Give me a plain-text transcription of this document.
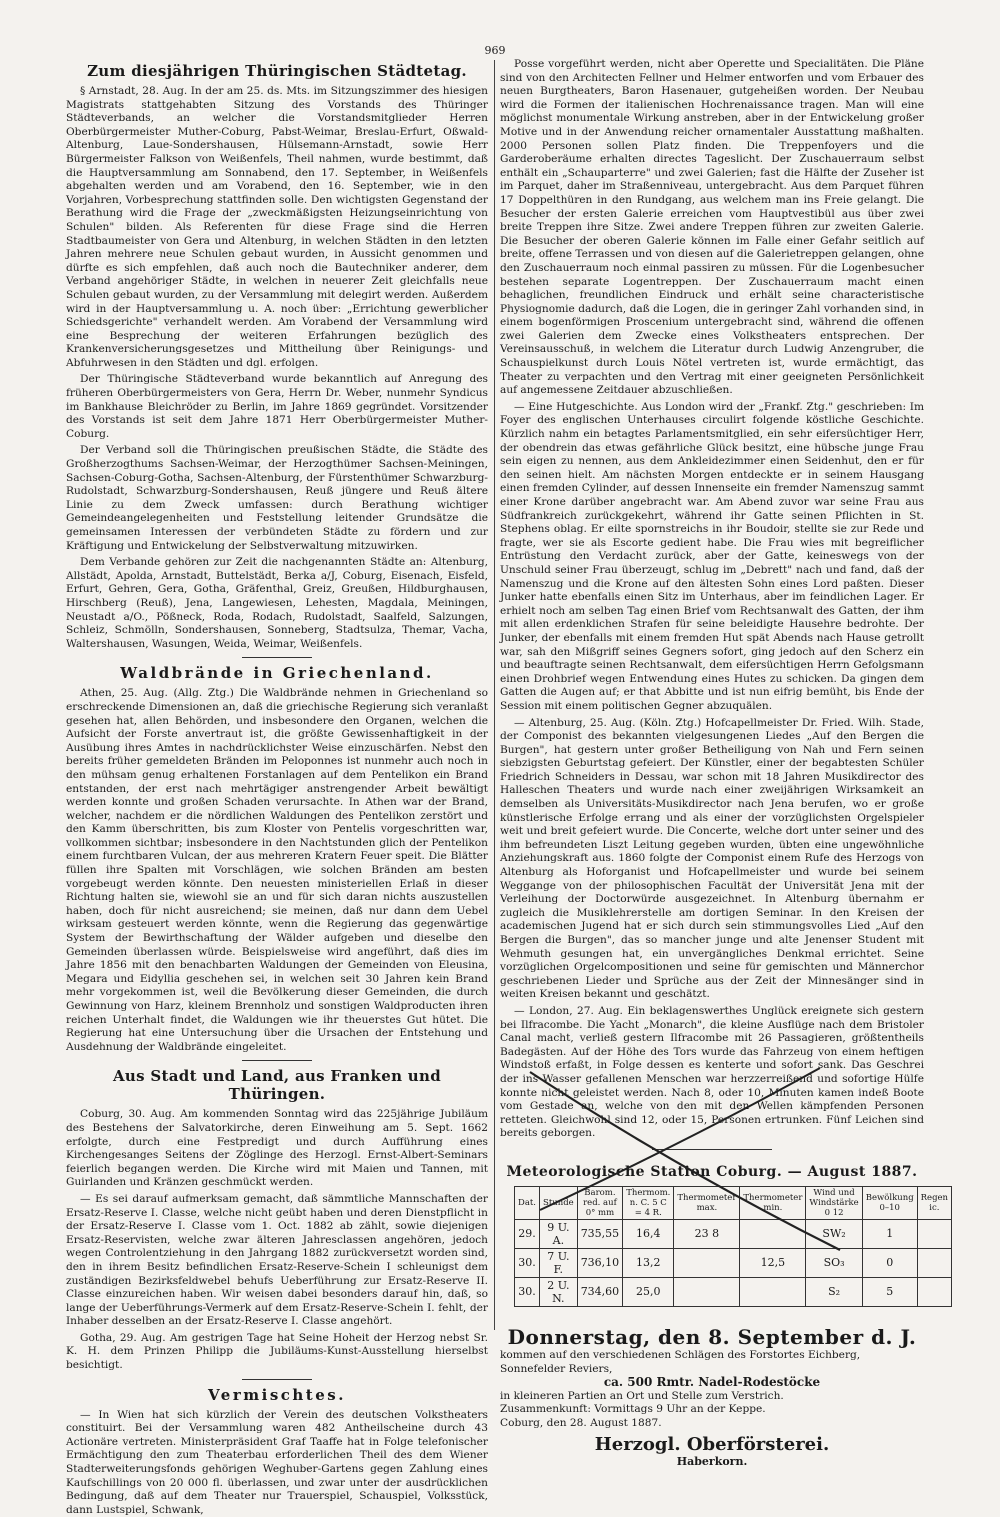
969
Zum diesjährigen Thüringischen Städtetag.

§ Arnstadt, 28. Aug. In der am 25. ds. Mts. im Sitzungszimmer des hiesigen Magistrats stattgehabten Sitzung des Vorstands des Thüringer Städteverbands, an welcher die Vorstandsmitglieder Herren Oberbürgermeister Muther-Coburg, Pabst-Weimar, Breslau-Erfurt, Oßwald-Altenburg, Laue-Sondershausen, Hülsemann-Arnstadt, sowie Herr Bürgermeister Falkson von Weißenfels, Theil nahmen, wurde bestimmt, daß die Hauptversammlung am Sonnabend, den 17. September, in Weißenfels abgehalten werden und am Vorabend, den 16. September, wie in den Vorjahren, Vorbesprechung stattfinden solle. Den wichtigsten Gegenstand der Berathung wird die Frage der „zweckmäßigsten Heizungseinrichtung von Schulen" bilden. Als Referenten für diese Frage sind die Herren Stadtbaumeister von Gera und Altenburg, in welchen Städten in den letzten Jahren mehrere neue Schulen gebaut wurden, in Aussicht genommen und dürfte es sich empfehlen, daß auch noch die Bautechniker anderer, dem Verband angehöriger Städte, in welchen in neuerer Zeit gleichfalls neue Schulen gebaut wurden, zu der Versammlung mit delegirt werden. Außerdem wird in der Hauptversammlung u. A. noch über: „Errichtung gewerblicher Schiedsgerichte" verhandelt werden. Am Vorabend der Versammlung wird eine Besprechung der weiteren Erfahrungen bezüglich des Krankenversicherungsgesetzes und Mittheilung über Reinigungs- und Abfuhrwesen in den Städten und dgl. erfolgen.

Der Thüringische Städteverband wurde bekanntlich auf Anregung des früheren Oberbürgermeisters von Gera, Herrn Dr. Weber, nunmehr Syndicus im Bankhause Bleichröder zu Berlin, im Jahre 1869 gegründet. Vorsitzender des Vorstands ist seit dem Jahre 1871 Herr Oberbürgermeister Muther-Coburg.

Der Verband soll die Thüringischen preußischen Städte, die Städte des Großherzogthums Sachsen-Weimar, der Herzogthümer Sachsen-Meiningen, Sachsen-Coburg-Gotha, Sachsen-Altenburg, der Fürstenthümer Schwarzburg-Rudolstadt, Schwarzburg-Sondershausen, Reuß jüngere und Reuß ältere Linie zu dem Zweck umfassen: durch Berathung wichtiger Gemeindeangelegenheiten und Feststellung leitender Grundsätze die gemeinsamen Interessen der verbündeten Städte zu fördern und zur Kräftigung und Entwickelung der Selbstverwaltung mitzuwirken.

Dem Verbande gehören zur Zeit die nachgenannten Städte an: Altenburg, Allstädt, Apolda, Arnstadt, Buttelstädt, Berka a/J, Coburg, Eisenach, Eisfeld, Erfurt, Gehren, Gera, Gotha, Gräfenthal, Greiz, Greußen, Hildburghausen, Hirschberg (Reuß), Jena, Langewiesen, Lehesten, Magdala, Meiningen, Neustadt a/O., Pößneck, Roda, Rodach, Rudolstadt, Saalfeld, Salzungen, Schleiz, Schmölln, Sondershausen, Sonneberg, Stadtsulza, Themar, Vacha, Waltershausen, Wasungen, Weida, Weimar, Weißenfels.

Waldbrände in Griechenland.

Athen, 25. Aug. (Allg. Ztg.) Die Waldbrände nehmen in Griechenland so erschreckende Dimensionen an, daß die griechische Regierung sich veranlaßt gesehen hat, allen Behörden, und insbesondere den Organen, welchen die Aufsicht der Forste anvertraut ist, die größte Gewissenhaftigkeit in der Ausübung ihres Amtes in nachdrücklichster Weise einzuschärfen. Nebst den bereits früher gemeldeten Bränden im Peloponnes ist nunmehr auch noch in den mühsam genug erhaltenen Forstanlagen auf dem Pentelikon ein Brand entstanden, der erst nach mehrtägiger anstrengender Arbeit bewältigt werden konnte und großen Schaden verursachte. In Athen war der Brand, welcher, nachdem er die nördlichen Waldungen des Pentelikon zerstört und den Kamm überschritten, bis zum Kloster von Pentelis vorgeschritten war, vollkommen sichtbar; insbesondere in den Nachtstunden glich der Pentelikon einem furchtbaren Vulcan, der aus mehreren Kratern Feuer speit. Die Blätter füllen ihre Spalten mit Vorschlägen, wie solchen Bränden am besten vorgebeugt werden könnte. Den neuesten ministeriellen Erlaß in dieser Richtung halten sie, wiewohl sie an und für sich daran nichts auszustellen haben, doch für nicht ausreichend; sie meinen, daß nur dann dem Uebel wirksam gesteuert werden könnte, wenn die Regierung das gegenwärtige System der Bewirthschaftung der Wälder aufgeben und dieselbe den Gemeinden überlassen würde. Beispielsweise wird angeführt, daß dies im Jahre 1856 mit den benachbarten Waldungen der Gemeinden von Eleusina, Megara und Eidyllia geschehen sei, in welchen seit 30 Jahren kein Brand mehr vorgekommen ist, weil die Bevölkerung dieser Gemeinden, die durch Gewinnung von Harz, kleinem Brennholz und sonstigen Waldproducten ihren reichen Unterhalt findet, die Waldungen wie ihr theuerstes Gut hütet. Die Regierung hat eine Untersuchung über die Ursachen der Entstehung und Ausdehnung der Waldbrände eingeleitet.

Aus Stadt und Land, aus Franken und Thüringen.

Coburg, 30. Aug. Am kommenden Sonntag wird das 225jährige Jubiläum des Bestehens der Salvatorkirche, deren Einweihung am 5. Sept. 1662 erfolgte, durch eine Festpredigt und durch Aufführung eines Kirchengesanges Seitens der Zöglinge des Herzogl. Ernst-Albert-Seminars feierlich begangen werden. Die Kirche wird mit Maien und Tannen, mit Guirlanden und Kränzen geschmückt werden.

— Es sei darauf aufmerksam gemacht, daß sämmtliche Mannschaften der Ersatz-Reserve I. Classe, welche nicht geübt haben und deren Dienstpflicht in der Ersatz-Reserve I. Classe vom 1. Oct. 1882 ab zählt, sowie diejenigen Ersatz-Reservisten, welche zwar älteren Jahresclassen angehören, jedoch wegen Controlentziehung in den Jahrgang 1882 zurückversetzt worden sind, den in ihrem Besitz befindlichen Ersatz-Reserve-Schein I schleunigst dem zuständigen Bezirksfeldwebel behufs Ueberführung zur Ersatz-Reserve II. Classe einzureichen haben. Wir weisen dabei besonders darauf hin, daß, so lange der Ueberführungs-Vermerk auf dem Ersatz-Reserve-Schein I. fehlt, der Inhaber desselben an der Ersatz-Reserve I. Classe angehört.

Gotha, 29. Aug. Am gestrigen Tage hat Seine Hoheit der Herzog nebst Sr. K. H. dem Prinzen Philipp die Jubiläums-Kunst-Ausstellung hierselbst besichtigt.

Vermischtes.

— In Wien hat sich kürzlich der Verein des deutschen Volkstheaters constituirt. Bei der Versammlung waren 482 Antheilscheine durch 43 Actionäre vertreten. Ministerpräsident Graf Taaffe hat in Folge telefonischer Ermächtigung den zum Theaterbau erforderlichen Theil des dem Wiener Stadterweiterungsfonds gehörigen Weghuber-Gartens gegen Zahlung eines Kaufschillings von 20 000 fl. überlassen, und zwar unter der ausdrücklichen Bedingung, daß auf dem Theater nur Trauerspiel, Schauspiel, Volksstück, dann Lustspiel, Schwank,

Posse vorgeführt werden, nicht aber Operette und Specialitäten. Die Pläne sind von den Architecten Fellner und Helmer entworfen und vom Erbauer des neuen Burgtheaters, Baron Hasenauer, gutgeheißen worden. Der Neubau wird die Formen der italienischen Hochrenaissance tragen. Man will eine möglichst monumentale Wirkung anstreben, aber in der Entwickelung großer Motive und in der Anwendung reicher ornamentaler Ausstattung maßhalten. 2000 Personen sollen Platz finden. Die Treppenfoyers und die Garderoberäume erhalten directes Tageslicht. Der Zuschauerraum selbst enthält ein „Schauparterre" und zwei Galerien; fast die Hälfte der Zuseher ist im Parquet, daher im Straßenniveau, untergebracht. Aus dem Parquet führen 17 Doppelthüren in den Rundgang, aus welchem man ins Freie gelangt. Die Besucher der ersten Galerie erreichen vom Hauptvestibül aus über zwei breite Treppen ihre Sitze. Zwei andere Treppen führen zur zweiten Galerie. Die Besucher der oberen Galerie können im Falle einer Gefahr seitlich auf breite, offene Terrassen und von diesen auf die Galerietreppen gelangen, ohne den Zuschauerraum noch einmal passiren zu müssen. Für die Logenbesucher bestehen separate Logentreppen. Der Zuschauerraum macht einen behaglichen, freundlichen Eindruck und erhält seine characteristische Physiognomie dadurch, daß die Logen, die in geringer Zahl vorhanden sind, in einem bogenförmigen Proscenium untergebracht sind, während die offenen zwei Galerien dem Zwecke eines Volkstheaters entsprechen. Der Vereinsausschuß, in welchem die Literatur durch Ludwig Anzengruber, die Schauspielkunst durch Louis Nötel vertreten ist, wurde ermächtigt, das Theater zu verpachten und den Vertrag mit einer geeigneten Persönlichkeit auf angemessene Zeitdauer abzuschließen.

— Eine Hutgeschichte. Aus London wird der „Frankf. Ztg." geschrieben: Im Foyer des englischen Unterhauses circulirt folgende köstliche Geschichte. Kürzlich nahm ein betagtes Parlamentsmitglied, ein sehr eifersüchtiger Herr, der obendrein das etwas gefährliche Glück besitzt, eine hübsche junge Frau sein eigen zu nennen, aus dem Ankleidezimmer einen Seidenhut, den er für den seinen hielt. Am nächsten Morgen entdeckte er in seinem Hausgang einen fremden Cylinder, auf dessen Innenseite ein fremder Namenszug sammt einer Krone darüber angebracht war. Am Abend zuvor war seine Frau aus Südfrankreich zurückgekehrt, während ihr Gatte seinen Pflichten in St. Stephens oblag. Er eilte spornstreichs in ihr Boudoir, stellte sie zur Rede und fragte, wer sie als Escorte gedient habe. Die Frau wies mit begreiflicher Entrüstung den Verdacht zurück, aber der Gatte, keineswegs von der Unschuld seiner Frau überzeugt, schlug im „Debrett" nach und fand, daß der Namenszug und die Krone auf den ältesten Sohn eines Lord paßten. Dieser Junker hatte ebenfalls einen Sitz im Unterhaus, aber im feindlichen Lager. Er erhielt noch am selben Tag einen Brief vom Rechtsanwalt des Gatten, der ihm mit allen erdenklichen Strafen für seine beleidigte Hausehre bedrohte. Der Junker, der ebenfalls mit einem fremden Hut spät Abends nach Hause getrollt war, sah den Mißgriff seines Gegners sofort, ging jedoch auf den Scherz ein und beauftragte seinen Rechtsanwalt, dem eifersüchtigen Herrn Gefolgsmann einen Drohbrief wegen Entwendung eines Hutes zu schicken. Da gingen dem Gatten die Augen auf; er that Abbitte und ist nun eifrig bemüht, bis Ende der Session mit einem politischen Gegner abzuquälen.

— Altenburg, 25. Aug. (Köln. Ztg.) Hofcapellmeister Dr. Fried. Wilh. Stade, der Componist des bekannten vielgesungenen Liedes „Auf den Bergen die Burgen", hat gestern unter großer Betheiligung von Nah und Fern seinen siebzigsten Geburtstag gefeiert. Der Künstler, einer der begabtesten Schüler Friedrich Schneiders in Dessau, war schon mit 18 Jahren Musikdirector des Halleschen Theaters und wurde nach einer zweijährigen Wirksamkeit an demselben als Universitäts-Musikdirector nach Jena berufen, wo er große künstlerische Erfolge errang und als einer der vorzüglichsten Orgelspieler weit und breit gefeiert wurde. Die Concerte, welche dort unter seiner und des ihm befreundeten Liszt Leitung gegeben wurden, übten eine ungewöhnliche Anziehungskraft aus. 1860 folgte der Componist einem Rufe des Herzogs von Altenburg als Hoforganist und Hofcapellmeister und wurde bei seinem Weggange von der philosophischen Facultät der Universität Jena mit der Verleihung der Doctorwürde ausgezeichnet. In Altenburg übernahm er zugleich die Musiklehrerstelle am dortigen Seminar. In den Kreisen der academischen Jugend hat er sich durch sein stimmungsvolles Lied „Auf den Bergen die Burgen", das so mancher junge und alte Jenenser Student mit Wehmuth gesungen hat, ein unvergängliches Denkmal errichtet. Seine vorzüglichen Orgelcompositionen und seine für gemischten und Männerchor geschriebenen Lieder und Sprüche aus der Zeit der Minnesänger sind in weiten Kreisen bekannt und geschätzt.

— London, 27. Aug. Ein beklagenswerthes Unglück ereignete sich gestern bei Ilfracombe. Die Yacht „Monarch", die kleine Ausflüge nach dem Bristoler Canal macht, verließ gestern Ilfracombe mit 26 Passagieren, größtentheils Badegästen. Auf der Höhe des Tors wurde das Fahrzeug von einem heftigen Windstoß erfaßt, in Folge dessen es kenterte und sofort sank. Das Geschrei der ins Wasser gefallenen Menschen war herzzerreißend und sofortige Hülfe konnte nicht geleistet werden. Nach 8, oder 10, Minuten kamen indeß Boote vom Gestade an, welche von den mit den Wellen kämpfenden Personen retteten. Gleichwohl sind 12, oder 15, Personen ertrunken. Fünf Leichen sind bereits geborgen.

Meteorologische Station Coburg. — August 1887.
Dat.	Stunde	Barom. red. auf 0° mm	Thermom. n. C. 5 C = 4 R.	Thermometer max.	Thermometer min.	Wind und Windstärke 0 12	Bewölkung 0–10	Regen ic.
29.	9 U. A.	735,55	16,4	23 8		SW₂	1	
30.	7 U. F.	736,10	13,2		12,5	SO₃	0	
30.	2 U. N.	734,60	25,0			S₂	5	
Donnerstag, den 8. September d. J.

kommen auf den verschiedenen Schlägen des Forstortes Eichberg, Sonnefelder Reviers,

ca. 500 Rmtr. Nadel-Rodestöcke

in kleineren Partien an Ort und Stelle zum Verstrich.

Zusammenkunft: Vormittags 9 Uhr an der Keppe.

Coburg, den 28. August 1887.

Herzogl. Oberförsterei.
Haberkorn.
